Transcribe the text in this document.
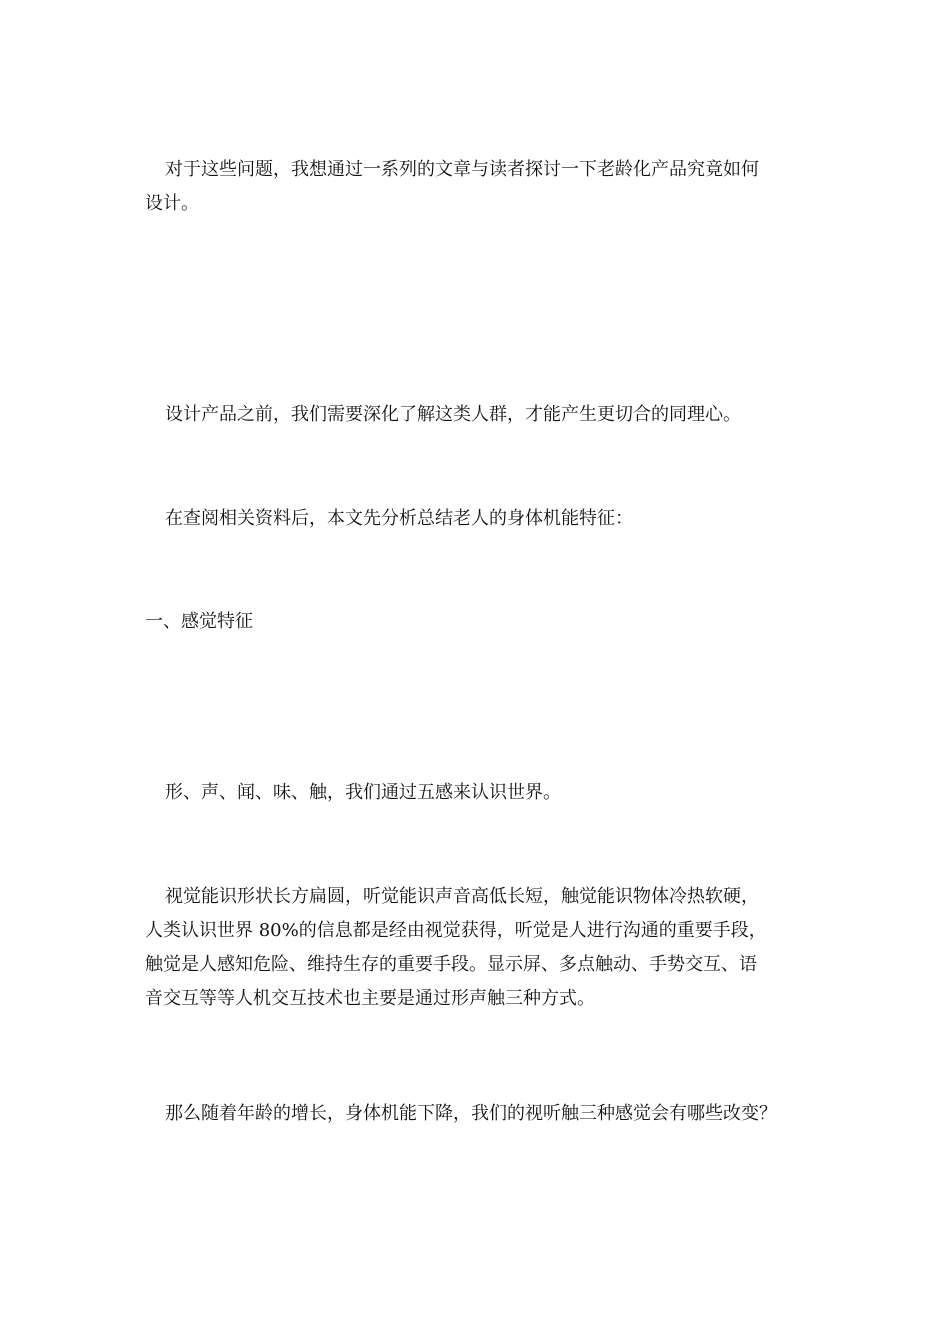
对于这些问题，我想通过一系列的文章与读者探讨一下老龄化产品究竟如何
设计。

设计产品之前，我们需要深化了解这类人群，才能产生更切合的同理心。

在查阅相关资料后，本文先分析总结老人的身体机能特征：

一、感觉特征

形、声、闻、味、触，我们通过五感来认识世界。

视觉能识形状长方扁圆，听觉能识声音高低长短，触觉能识物体冷热软硬，
人类认识世界 80%的信息都是经由视觉获得，听觉是人进行沟通的重要手段，
触觉是人感知危险、维持生存的重要手段。显示屏、多点触动、手势交互、语
音交互等等人机交互技术也主要是通过形声触三种方式。

那么随着年龄的增长，身体机能下降，我们的视听触三种感觉会有哪些改变？
